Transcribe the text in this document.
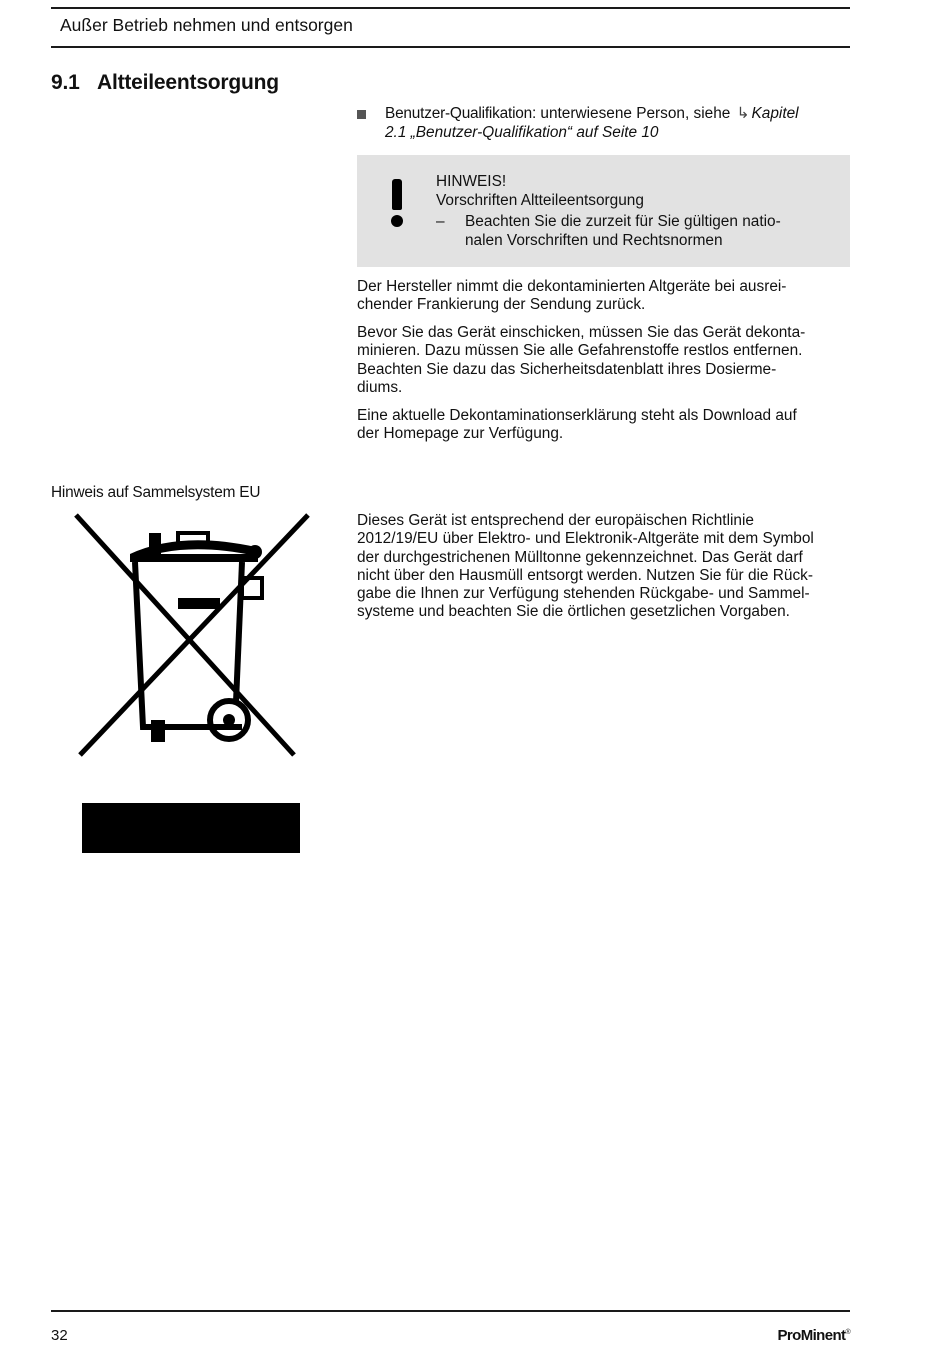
Außer Betrieb nehmen und entsorgen
9.1 Altteileentsorgung
Benutzer-Qualifikation: unterwiesene Person, siehe ↳ Kapitel
2.1 „Benutzer-Qualifikation“ auf Seite 10
HINWEIS!
Vorschriften Altteileentsorgung
– Beachten Sie die zurzeit für Sie gültigen natio-
nalen Vorschriften und Rechtsnormen
Der Hersteller nimmt die dekontaminierten Altgeräte bei ausrei-
chender Frankierung der Sendung zurück.
Bevor Sie das Gerät einschicken, müssen Sie das Gerät dekonta-
minieren. Dazu müssen Sie alle Gefahrenstoffe restlos entfernen.
Beachten Sie dazu das Sicherheitsdatenblatt ihres Dosierme-
diums.
Eine aktuelle Dekontaminationserklärung steht als Download auf
der Homepage zur Verfügung.
Hinweis auf Sammelsystem EU
Dieses Gerät ist entsprechend der europäischen Richtlinie
2012/19/EU über Elektro- und Elektronik-Altgeräte mit dem Symbol
der durchgestrichenen Mülltonne gekennzeichnet. Das Gerät darf
nicht über den Hausmüll entsorgt werden. Nutzen Sie für die Rück-
gabe die Ihnen zur Verfügung stehenden Rückgabe- und Sammel-
systeme und beachten Sie die örtlichen gesetzlichen Vorgaben.
32	ProMinent®
